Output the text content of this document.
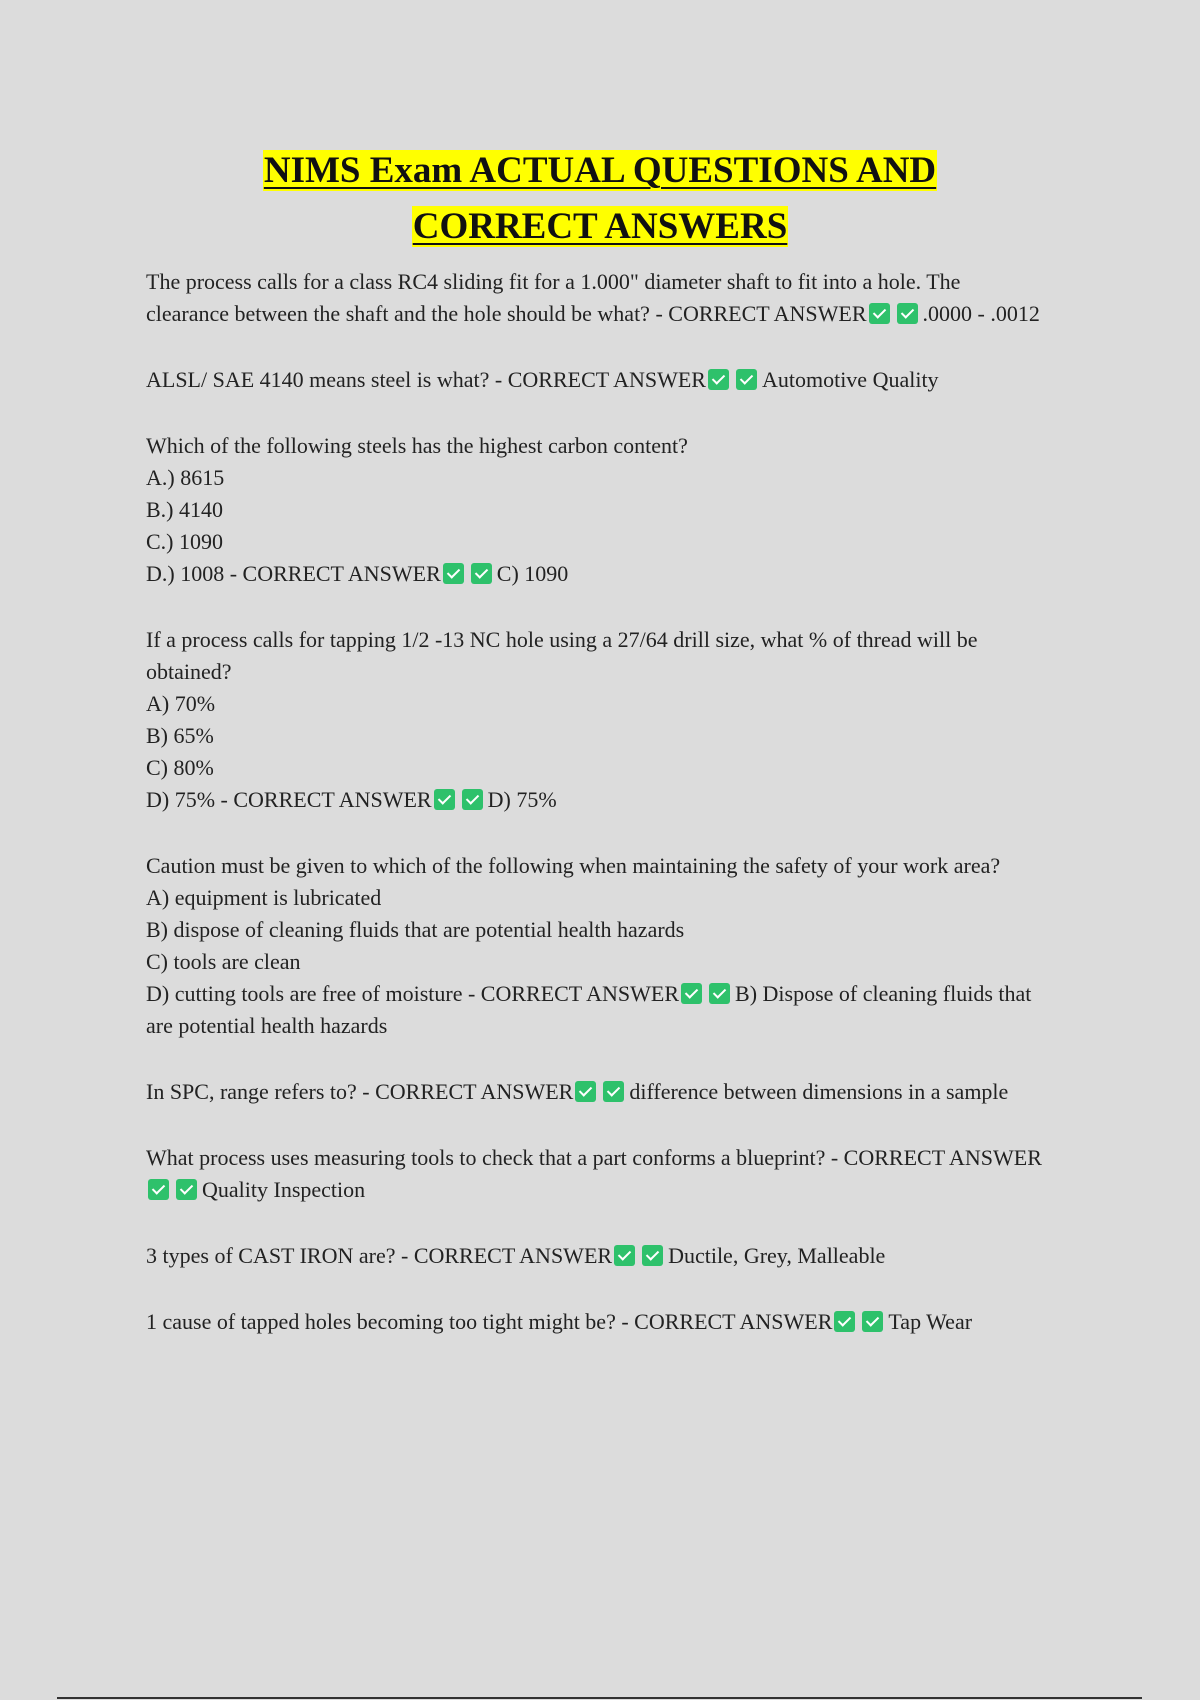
NIMS Exam ACTUAL QUESTIONS AND
CORRECT ANSWERS
The process calls for a class RC4 sliding fit for a 1.000" diameter shaft to fit into a hole. The clearance between the shaft and the hole should be what? - CORRECT ANSWER	.0000 - .0012
ALSL/ SAE 4140 means steel is what? - CORRECT ANSWER	Automotive Quality
Which of the following steels has the highest carbon content?
A.) 8615
B.) 4140
C.) 1090
D.) 1008 - CORRECT ANSWER	C) 1090
If a process calls for tapping 1/2 -13 NC hole using a 27/64 drill size, what % of thread will be obtained?
A) 70%
B) 65%
C) 80%
D) 75% - CORRECT ANSWER	D) 75%
Caution must be given to which of the following when maintaining the safety of your work area?
A) equipment is lubricated
B) dispose of cleaning fluids that are potential health hazards
C) tools are clean
D) cutting tools are free of moisture - CORRECT ANSWER	B) Dispose of cleaning fluids that are potential health hazards
In SPC, range refers to? - CORRECT ANSWER	difference between dimensions in a sample
What process uses measuring tools to check that a part conforms a blueprint? - CORRECT ANSWERQuality Inspection
3 types of CAST IRON are? - CORRECT ANSWER	Ductile, Grey, Malleable
1 cause of tapped holes becoming too tight might be? - CORRECT ANSWER	Tap Wear
